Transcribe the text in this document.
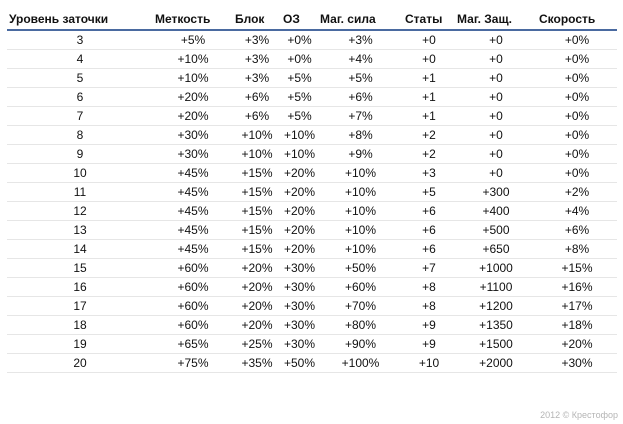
Уровень заточки	Меткость	Блок	ОЗ	Маг. сила	Статы	Маг. Защ.	Скорость
3	+5%	+3%	+0%	+3%	+0	+0	+0%
4	+10%	+3%	+0%	+4%	+0	+0	+0%
5	+10%	+3%	+5%	+5%	+1	+0	+0%
6	+20%	+6%	+5%	+6%	+1	+0	+0%
7	+20%	+6%	+5%	+7%	+1	+0	+0%
8	+30%	+10%	+10%	+8%	+2	+0	+0%
9	+30%	+10%	+10%	+9%	+2	+0	+0%
10	+45%	+15%	+20%	+10%	+3	+0	+0%
11	+45%	+15%	+20%	+10%	+5	+300	+2%
12	+45%	+15%	+20%	+10%	+6	+400	+4%
13	+45%	+15%	+20%	+10%	+6	+500	+6%
14	+45%	+15%	+20%	+10%	+6	+650	+8%
15	+60%	+20%	+30%	+50%	+7	+1000	+15%
16	+60%	+20%	+30%	+60%	+8	+1100	+16%
17	+60%	+20%	+30%	+70%	+8	+1200	+17%
18	+60%	+20%	+30%	+80%	+9	+1350	+18%
19	+65%	+25%	+30%	+90%	+9	+1500	+20%
20	+75%	+35%	+50%	+100%	+10	+2000	+30%
2012 © Крестофор
